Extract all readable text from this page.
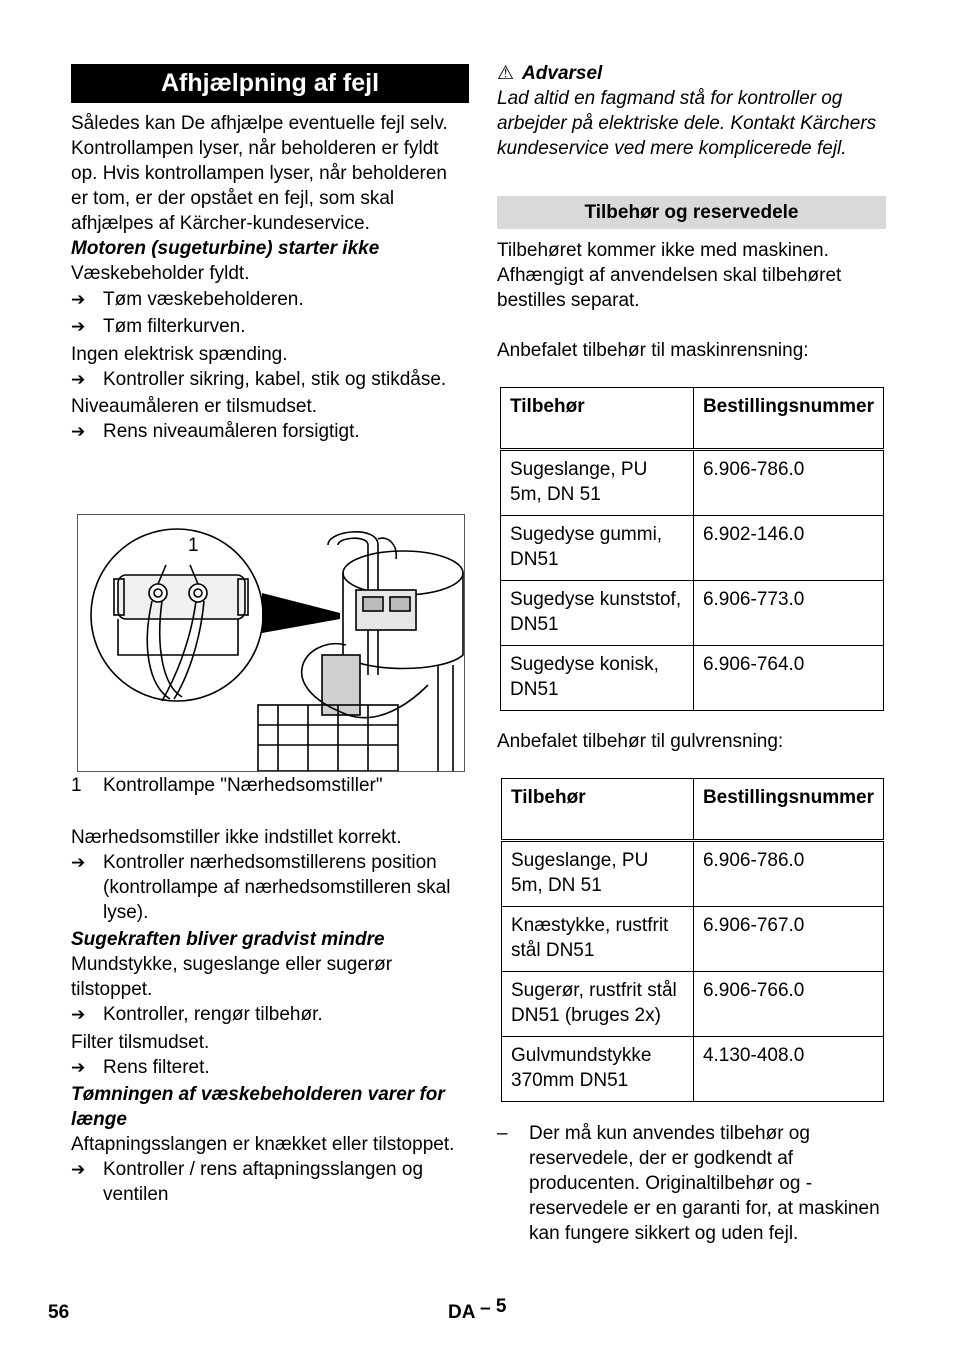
Afhjælpning af fejl

Således kan De afhjælpe eventuelle fejl selv.

Kontrollampen lyser, når beholderen er fyldt op. Hvis kontrollampen lyser, når beholderen er tom, er der opstået en fejl, som skal afhjælpes af Kärcher-kundeservice.

Motoren (sugeturbine) starter ikke

Væskebeholder fyldt.

➔ Tøm væskebeholderen.
➔ Tøm filterkurven.

Ingen elektrisk spænding.

➔ Kontroller sikring, kabel, stik og stikdåse.

Niveaumåleren er tilsmudset.

➔ Rens niveaumåleren forsigtigt.
1
1	Kontrollampe "Nærhedsomstiller"

Nærhedsomstiller ikke indstillet korrekt.

➔ Kontroller nærhedsomstillerens position (kontrollampe af nærhedsomstilleren skal lyse).

Sugekraften bliver gradvist mindre

Mundstykke, sugeslange eller sugerør tilstoppet.

➔ Kontroller, rengør tilbehør.

Filter tilsmudset.

➔ Rens filteret.

Tømningen af væskebeholderen varer for længe

Aftapningsslangen er knækket eller tilstoppet.

➔ Kontroller / rens aftapningsslangen og ventilen

⚠ Advarsel

Lad altid en fagmand stå for kontroller og arbejder på elektriske dele. Kontakt Kärchers kundeservice ved mere komplicerede fejl.

Tilbehør og reservedele

Tilbehøret kommer ikke med maskinen. Afhængigt af anvendelsen skal tilbehøret bestilles separat.

Anbefalet tilbehør til maskinrensning:
Tilbehør	Bestillingsnummer
Sugeslange, PU 5m, DN 51	6.906-786.0
Sugedyse gummi, DN51	6.902-146.0
Sugedyse kunststof, DN51	6.906-773.0
Sugedyse konisk, DN51	6.906-764.0
Anbefalet tilbehør til gulvrensning:
Tilbehør	Bestillingsnummer
Sugeslange, PU 5m, DN 51	6.906-786.0
Knæstykke, rustfrit stål DN51	6.906-767.0
Sugerør, rustfrit stål DN51 (bruges 2x)	6.906-766.0
Gulvmundstykke 370mm DN51	4.130-408.0
–	Der må kun anvendes tilbehør og reservedele, der er godkendt af producenten. Originaltilbehør og -reservedele er en garanti for, at maskinen kan fungere sikkert og uden fejl.
56	DA – 5
